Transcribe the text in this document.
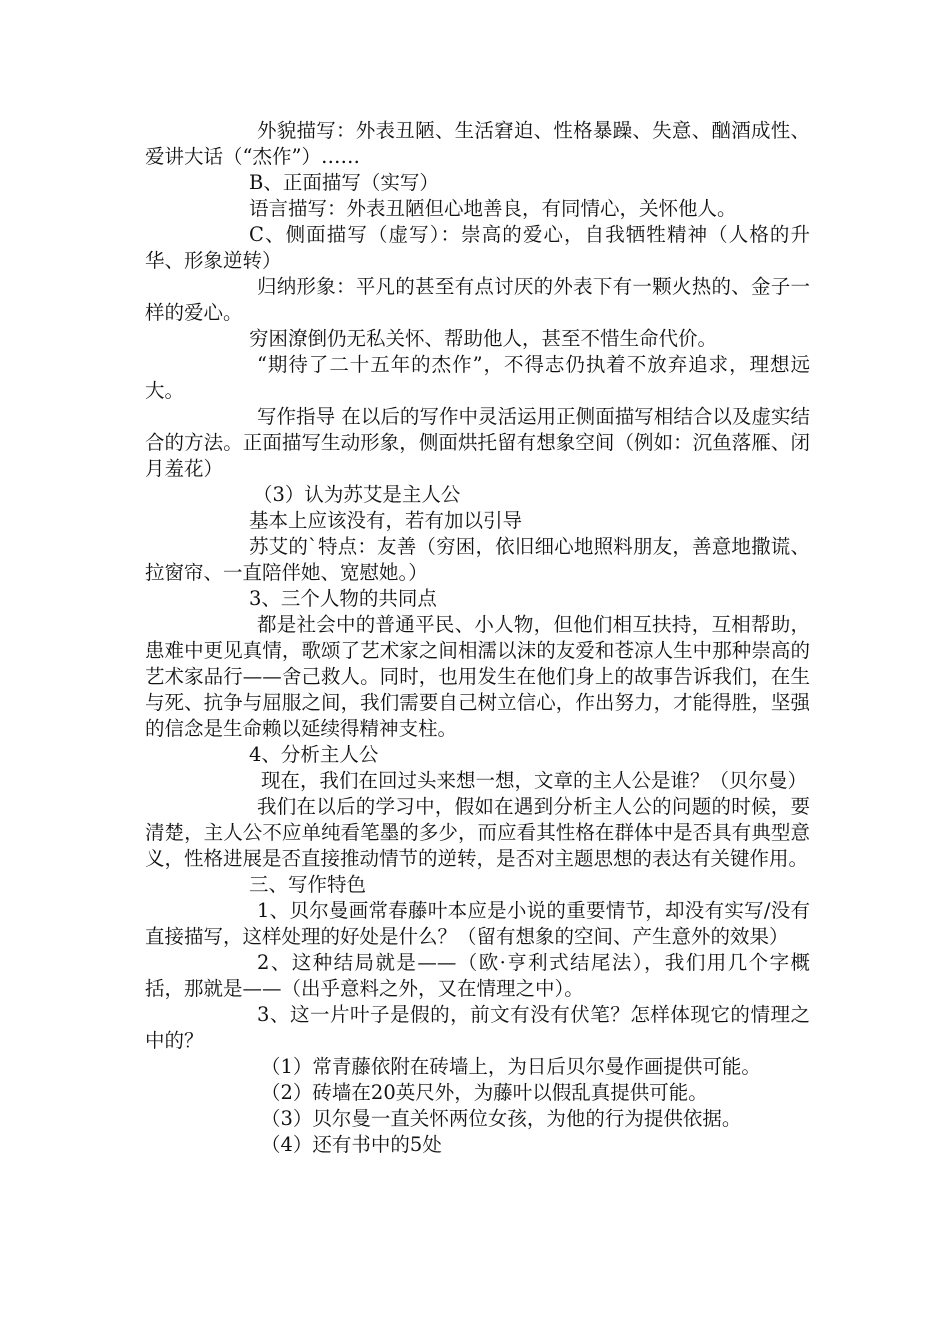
外貌描写：外表丑陋、生活窘迫、性格暴躁、失意、酗酒成性、爱讲大话（“杰作”）……

B、正面描写（实写）

语言描写：外表丑陋但心地善良，有同情心，关怀他人。

C、侧面描写（虚写）：崇高的爱心，自我牺牲精神（人格的升华、形象逆转）

归纳形象：平凡的甚至有点讨厌的外表下有一颗火热的、金子一样的爱心。

穷困潦倒仍无私关怀、帮助他人，甚至不惜生命代价。

“期待了二十五年的杰作”，不得志仍执着不放弃追求，理想远大。

写作指导 在以后的写作中灵活运用正侧面描写相结合以及虚实结合的方法。正面描写生动形象，侧面烘托留有想象空间（例如：沉鱼落雁、闭月羞花）

（3）认为苏艾是主人公

基本上应该没有，若有加以引导

苏艾的`特点：友善（穷困，依旧细心地照料朋友，善意地撒谎、拉窗帘、一直陪伴她、宽慰她。）

3、三个人物的共同点

都是社会中的普通平民、小人物，但他们相互扶持，互相帮助，患难中更见真情，歌颂了艺术家之间相濡以沫的友爱和苍凉人生中那种崇高的艺术家品行——舍己救人。同时，也用发生在他们身上的故事告诉我们，在生与死、抗争与屈服之间，我们需要自己树立信心，作出努力，才能得胜，坚强的信念是生命赖以延续得精神支柱。

4、分析主人公

现在，我们在回过头来想一想，文章的主人公是谁？（贝尔曼）

我们在以后的学习中，假如在遇到分析主人公的问题的时候，要清楚，主人公不应单纯看笔墨的多少，而应看其性格在群体中是否具有典型意义，性格进展是否直接推动情节的逆转，是否对主题思想的表达有关键作用。

三、写作特色

1、贝尔曼画常春藤叶本应是小说的重要情节，却没有实写/没有直接描写，这样处理的好处是什么？（留有想象的空间、产生意外的效果）

2、这种结局就是——（欧·亨利式结尾法），我们用几个字概括，那就是——（出乎意料之外，又在情理之中）。

3、这一片叶子是假的，前文有没有伏笔？怎样体现它的情理之中的？

（1）常青藤依附在砖墙上，为日后贝尔曼作画提供可能。

（2）砖墙在20英尺外，为藤叶以假乱真提供可能。

（3）贝尔曼一直关怀两位女孩，为他的行为提供依据。

（4）还有书中的5处
